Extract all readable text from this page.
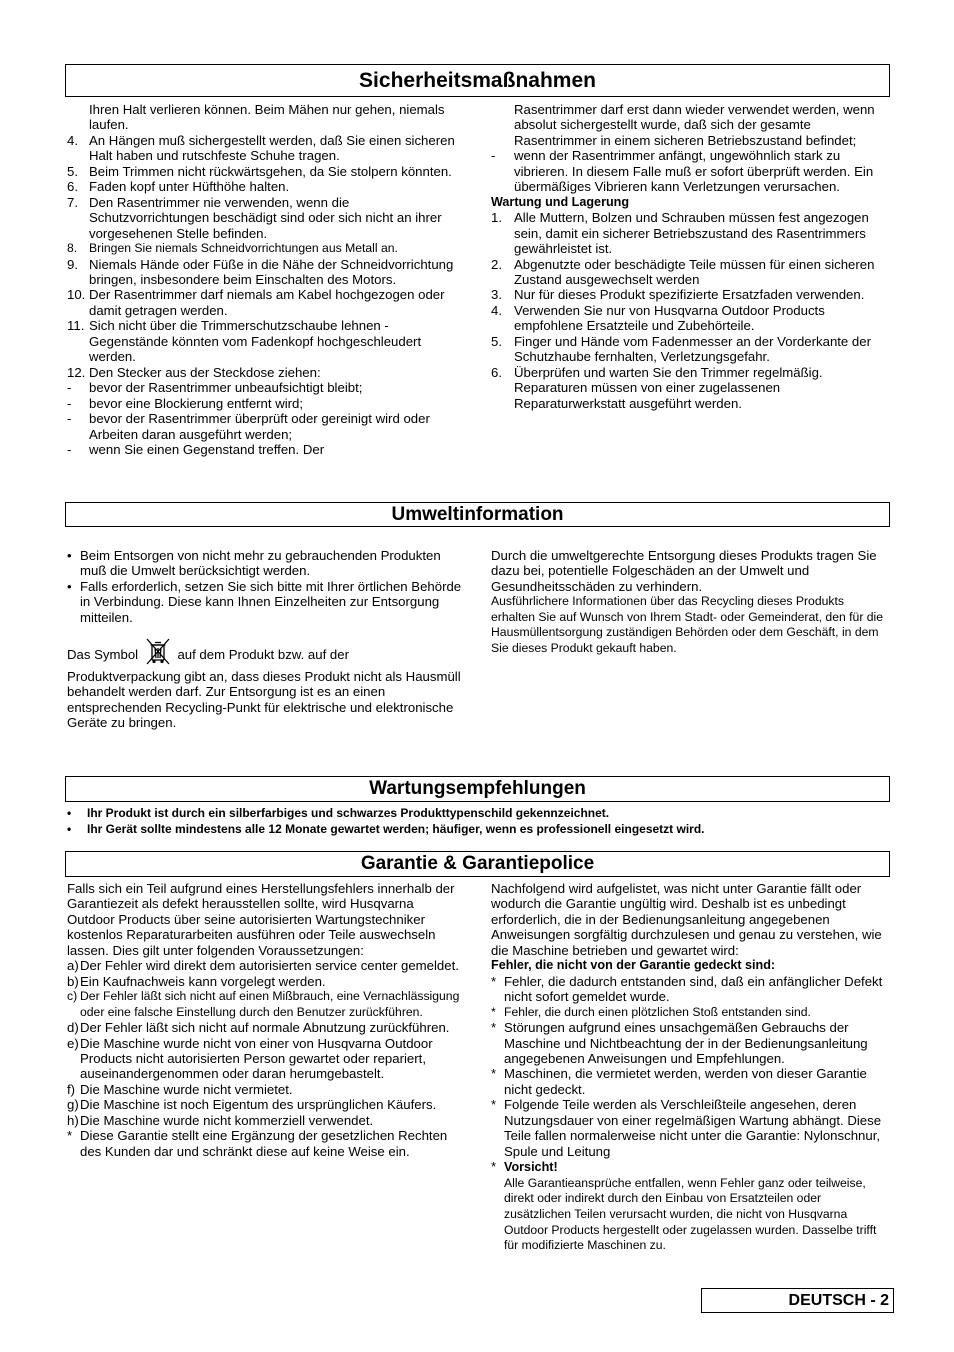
Sicherheitsmaßnahmen
Ihren Halt verlieren können. Beim Mähen nur gehen, niemals laufen.
4. An Hängen muß sichergestellt werden, daß Sie einen sicheren Halt haben und rutschfeste Schuhe tragen.
5. Beim Trimmen nicht rückwärtsgehen, da Sie stolpern könnten.
6. Faden kopf unter Hüfthöhe halten.
7. Den Rasentrimmer nie verwenden, wenn die Schutzvorrichtungen beschädigt sind oder sich nicht an ihrer vorgesehenen Stelle befinden.
8. Bringen Sie niemals Schneidvorrichtungen aus Metall an.
9. Niemals Hände oder Füße in die Nähe der Schneidvorrichtung bringen, insbesondere beim Einschalten des Motors.
10. Der Rasentrimmer darf niemals am Kabel hochgezogen oder damit getragen werden.
11. Sich nicht über die Trimmerschutzschaube lehnen - Gegenstände könnten vom Fadenkopf hochgeschleudert werden.
12. Den Stecker aus der Steckdose ziehen:
-	bevor der Rasentrimmer unbeaufsichtigt bleibt;
-	bevor eine Blockierung entfernt wird;
-	bevor der Rasentrimmer überprüft oder gereinigt wird oder Arbeiten daran ausgeführt werden;
-	wenn Sie einen Gegenstand treffen. Der
Rasentrimmer darf erst dann wieder verwendet werden, wenn absolut sichergestellt wurde, daß sich der gesamte Rasentrimmer in einem sicheren Betriebszustand befindet;
-	wenn der Rasentrimmer anfängt, ungewöhnlich stark zu vibrieren. In diesem Falle muß er sofort überprüft werden. Ein übermäßiges Vibrieren kann Verletzungen verursachen.

Wartung und Lagerung

1. Alle Muttern, Bolzen und Schrauben müssen fest angezogen sein, damit ein sicherer Betriebszustand des Rasentrimmers gewährleistet ist.
2. Abgenutzte oder beschädigte Teile müssen für einen sicheren Zustand ausgewechselt werden
3. Nur für dieses Produkt spezifizierte Ersatzfaden verwenden.
4. Verwenden Sie nur von Husqvarna Outdoor Products empfohlene Ersatzteile und Zubehörteile.
5. Finger und Hände vom Fadenmesser an der Vorderkante der Schutzhaube fernhalten, Verletzungsgefahr.
6. Überprüfen und warten Sie den Trimmer regelmäßig. Reparaturen müssen von einer zugelassenen Reparaturwerkstatt ausgeführt werden.
Umweltinformation
• Beim Entsorgen von nicht mehr zu gebrauchenden Produkten muß die Umwelt berücksichtigt werden.
• Falls erforderlich, setzen Sie sich bitte mit Ihrer örtlichen Behörde in Verbindung. Diese kann Ihnen Einzelheiten zur Entsorgung mitteilen.

Das Symbol	auf dem Produkt bzw. auf der Produktverpackung gibt an, dass dieses Produkt nicht als Hausmüll behandelt werden darf. Zur Entsorgung ist es an einen entsprechenden Recycling-Punkt für elektrische und elektronische Geräte zu bringen.

Durch die umweltgerechte Entsorgung dieses Produkts tragen Sie dazu bei, potentielle Folgeschäden an der Umwelt und Gesundheitsschäden zu verhindern.

Ausführlichere Informationen über das Recycling dieses Produkts erhalten Sie auf Wunsch von Ihrem Stadt- oder Gemeinderat, den für die Hausmüllentsorgung zuständigen Behörden oder dem Geschäft, in dem Sie dieses Produkt gekauft haben.

Wartungsempfehlungen
• Ihr Produkt ist durch ein silberfarbiges und schwarzes Produkttypenschild gekennzeichnet.
• Ihr Gerät sollte mindestens alle 12 Monate gewartet werden; häufiger, wenn es professionell eingesetzt wird.
Garantie & Garantiepolice

Falls sich ein Teil aufgrund eines Herstellungsfehlers innerhalb der Garantiezeit als defekt herausstellen sollte, wird Husqvarna Outdoor Products über seine autorisierten Wartungstechniker kostenlos Reparaturarbeiten ausführen oder Teile auswechseln lassen. Dies gilt unter folgenden Voraussetzungen:

a) Der Fehler wird direkt dem autorisierten service center gemeldet.
b) Ein Kaufnachweis kann vorgelegt werden.
c) Der Fehler läßt sich nicht auf einen Mißbrauch, eine Vernachlässigung oder eine falsche Einstellung durch den Benutzer zurückführen.
d) Der Fehler läßt sich nicht auf normale Abnutzung zurückführen.
e) Die Maschine wurde nicht von einer von Husqvarna Outdoor Products nicht autorisierten Person gewartet oder repariert, auseinandergenommen oder daran herumgebastelt.
f) Die Maschine wurde nicht vermietet.
g) Die Maschine ist noch Eigentum des ursprünglichen Käufers.
h) Die Maschine wurde nicht kommerziell verwendet.
* Diese Garantie stellt eine Ergänzung der gesetzlichen Rechten des Kunden dar und schränkt diese auf keine Weise ein.

Nachfolgend wird aufgelistet, was nicht unter Garantie fällt oder wodurch die Garantie ungültig wird. Deshalb ist es unbedingt erforderlich, die in der Bedienungsanleitung angegebenen Anweisungen sorgfältig durchzulesen und genau zu verstehen, wie die Maschine betrieben und gewartet wird:

Fehler, die nicht von der Garantie gedeckt sind:

* Fehler, die dadurch entstanden sind, daß ein anfänglicher Defekt nicht sofort gemeldet wurde.
* Fehler, die durch einen plötzlichen Stoß entstanden sind.
* Störungen aufgrund eines unsachgemäßen Gebrauchs der Maschine und Nichtbeachtung der in der Bedienungsanleitung angegebenen Anweisungen und Empfehlungen.
* Maschinen, die vermietet werden, werden von dieser Garantie nicht gedeckt.
* Folgende Teile werden als Verschleißteile angesehen, deren Nutzungsdauer von einer regelmäßigen Wartung abhängt. Diese Teile fallen normalerweise nicht unter die Garantie: Nylonschnur, Spule und Leitung
* Vorsicht!

Alle Garantieansprüche entfallen, wenn Fehler ganz oder teilweise, direkt oder indirekt durch den Einbau von Ersatzteilen oder zusätzlichen Teilen verursacht wurden, die nicht von Husqvarna Outdoor Products hergestellt oder zugelassen wurden. Dasselbe trifft für modifizierte Maschinen zu.
DEUTSCH - 2
